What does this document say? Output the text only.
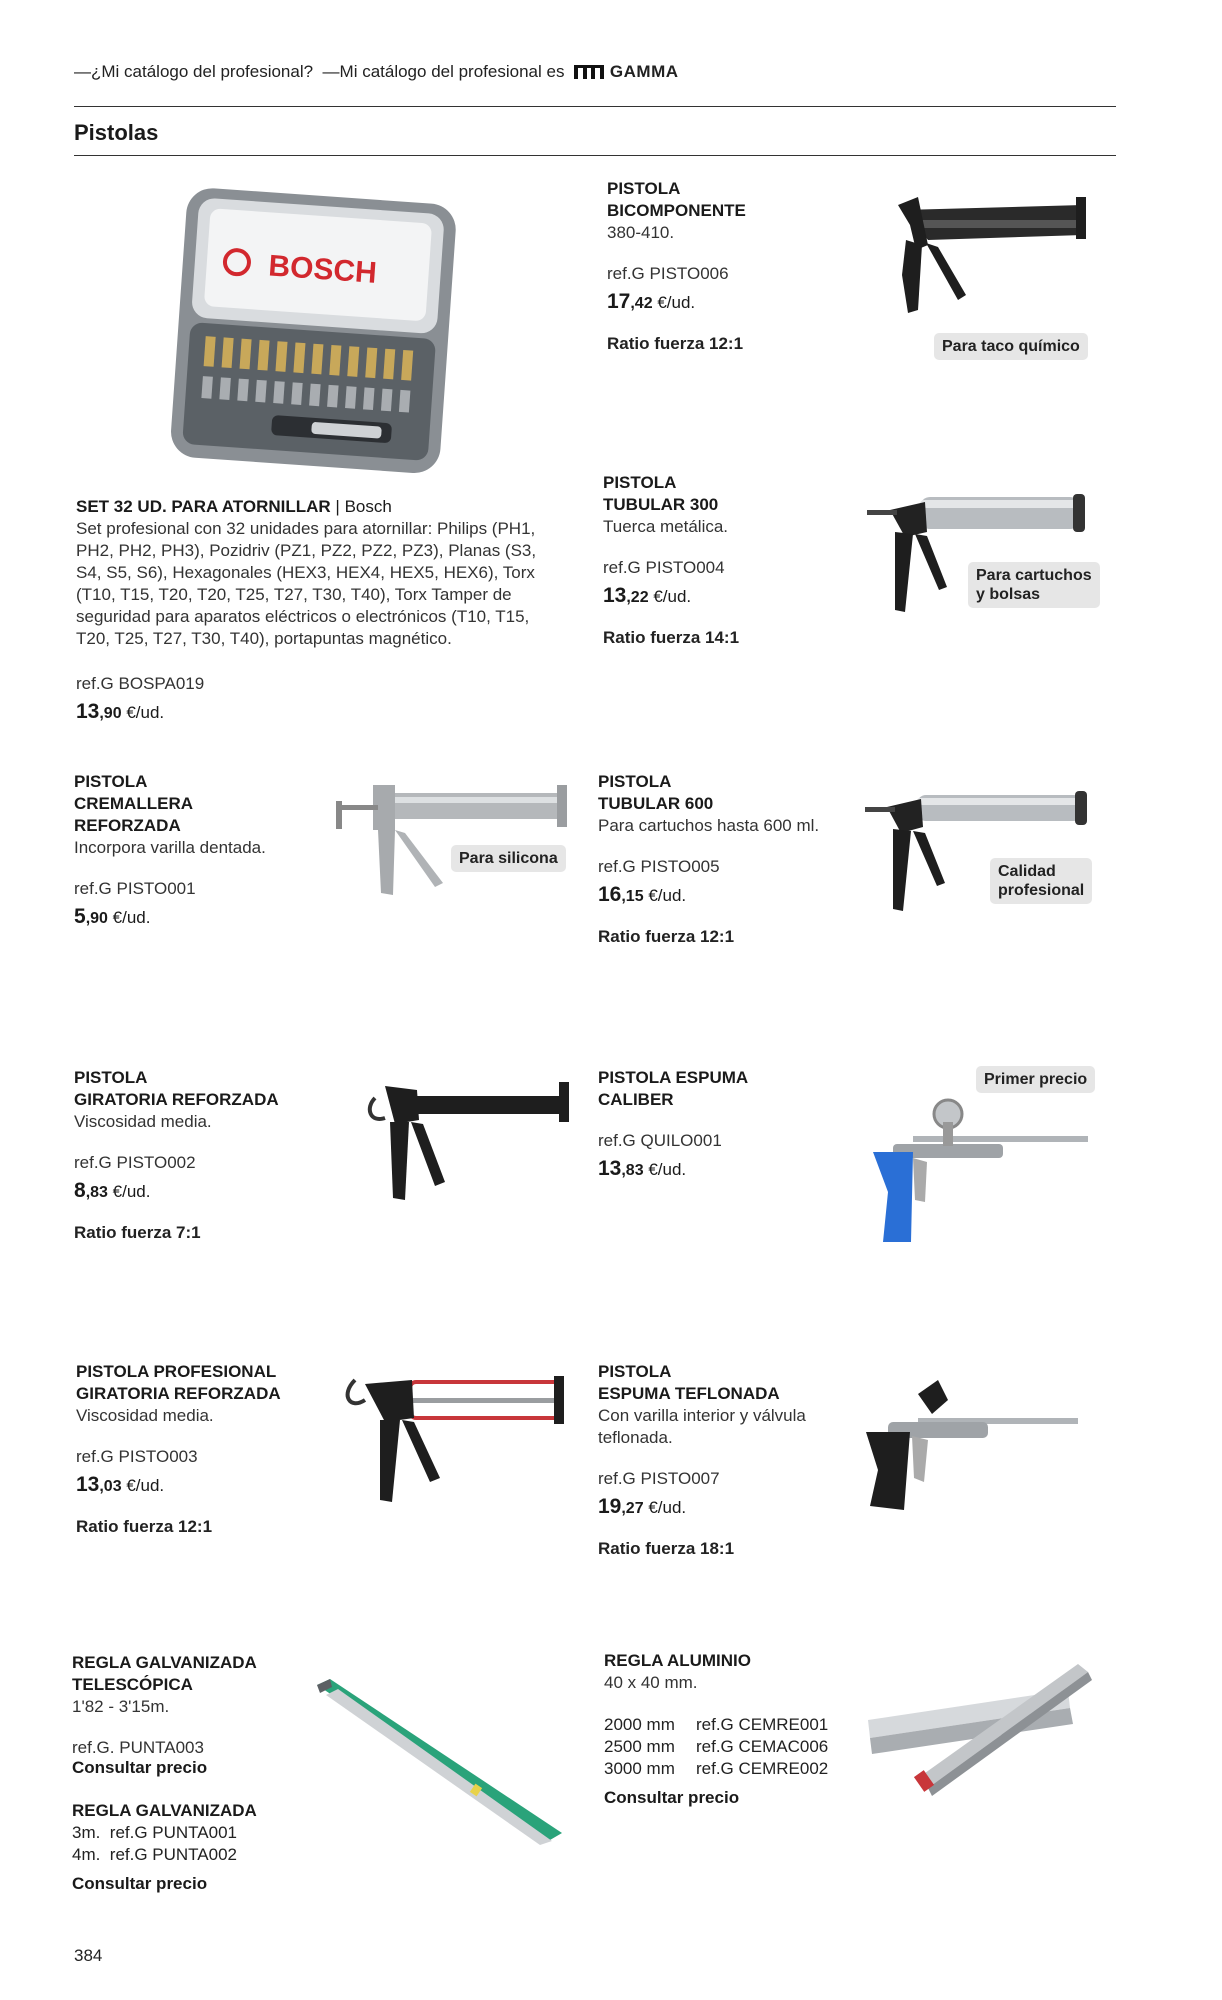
—¿Mi catálogo del profesional? —Mi catálogo del profesional es	GAMMA
Pistolas
BOSCH
SET 32 UD. PARA ATORNILLAR | Bosch
Set profesional con 32 unidades para atornillar: Philips (PH1, PH2, PH2, PH3), Pozidriv (PZ1, PZ2, PZ2, PZ3), Planas (S3, S4, S5, S6), Hexagonales (HEX3, HEX4, HEX5, HEX6), Torx (T10, T15, T20, T20, T25, T27, T30, T40), Torx Tamper de seguridad para aparatos eléctricos o electrónicos (T10, T15, T20, T25, T27, T30, T40), portapuntas magnético.
ref.G BOSPA019
13,90 €/ud.
PISTOLA
BICOMPONENTE
380-410.
ref.G PISTO006
17,42 €/ud.
Ratio fuerza 12:1	Para taco químico
PISTOLA
TUBULAR 300
Tuerca metálica.
ref.G PISTO004
13,22 €/ud.
Ratio fuerza 14:1
Para cartuchos
y bolsas
PISTOLA
CREMALLERA
REFORZADA
Incorpora varilla dentada.
ref.G PISTO001
5,90 €/ud.
Para silicona
PISTOLA
TUBULAR 600
Para cartuchos hasta 600 ml.
ref.G PISTO005
16,15 €/ud.
Ratio fuerza 12:1
Calidad
profesional
PISTOLA
GIRATORIA REFORZADA
Viscosidad media.
ref.G PISTO002
8,83 €/ud.
Ratio fuerza 7:1
PISTOLA ESPUMA
CALIBER
ref.G QUILO001
13,83 €/ud.
Primer precio
PISTOLA PROFESIONAL
GIRATORIA REFORZADA
Viscosidad media.
ref.G PISTO003
13,03 €/ud.
Ratio fuerza 12:1
PISTOLA
ESPUMA TEFLONADA
Con varilla interior y válvula
teflonada.
ref.G PISTO007
19,27 €/ud.
Ratio fuerza 18:1
REGLA GALVANIZADA
TELESCÓPICA
1'82 - 3'15m.
ref.G. PUNTA003
Consultar precio
REGLA GALVANIZADA
3m.  ref.G PUNTA001
4m.  ref.G PUNTA002
Consultar precio
REGLA ALUMINIO
40 x 40 mm.
2000 mm ref.G CEMRE001
2500 mm ref.G CEMAC006
3000 mm ref.G CEMRE002
Consultar precio
384
